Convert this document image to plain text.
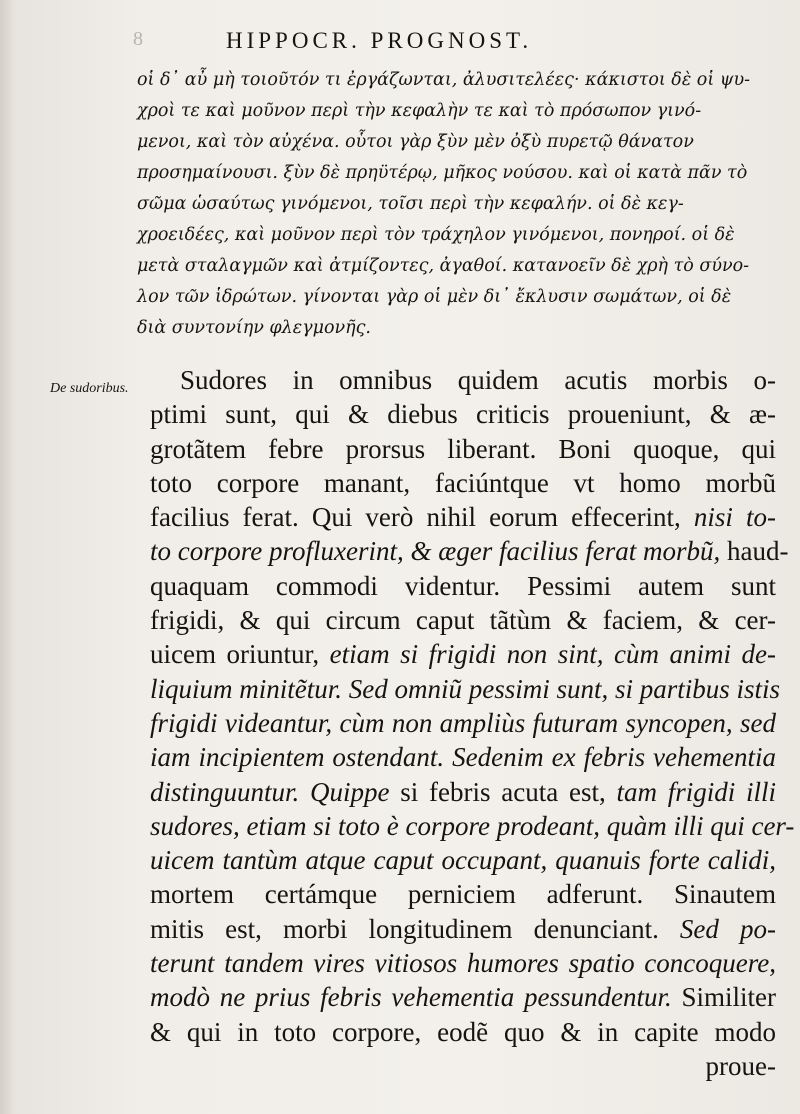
8	HIPPOCR. PROGNOST.
οἱ δ᾽ αὖ μὴ τοιοῦτόν τι ἐργάζωνται, ἀλυσιτελέες· κάκιστοι δὲ οἱ ψυ-
χροὶ τε καὶ μοῦνον περὶ τὴν κεφαλὴν τε καὶ τὸ πρόσωπον γινό-
μενοι, καὶ τὸν αὐχένα. οὗτοι γὰρ ξὺν μὲν ὀξὺ πυρετῷ θάνατον
προσημαίνουσι. ξὺν δὲ πρηϋτέρῳ, μῆκος νούσου. καὶ οἱ κατὰ πᾶν τὸ
σῶμα ὡσαύτως γινόμενοι, τοῖσι περὶ τὴν κεφαλήν. οἱ δὲ κεγ-
χροειδέες, καὶ μοῦνον περὶ τὸν τράχηλον γινόμενοι, πονηροί. οἱ δὲ
μετὰ σταλαγμῶν καὶ ἀτμίζοντες, ἀγαθοί. κατανοεῖν δὲ χρὴ τὸ σύνο-
λον τῶν ἱδρώτων. γίνονται γὰρ οἱ μὲν δι᾽ ἔκλυσιν σωμάτων, οἱ δὲ
διὰ συντονίην φλεγμονῆς.
De sudoribus.	Sudores in omnibus quidem acutis morbis o-
ptimi sunt, qui & diebus criticis proueniunt, & æ-
grotãtem febre prorsus liberant. Boni quoque, qui
toto corpore manant, faciúntque vt homo morbũ
facilius ferat. Qui verò nihil eorum effecerint, nisi to-
to corpore profluxerint, & æger facilius ferat morbũ, haud-
quaquam commodi videntur. Pessimi autem sunt
frigidi, & qui circum caput tãtùm & faciem, & cer-
uicem oriuntur, etiam si frigidi non sint, cùm animi de-
liquium minitẽtur. Sed omniũ pessimi sunt, si partibus istis
frigidi videantur, cùm non ampliùs futuram syncopen, sed
iam incipientem ostendant. Sedenim ex febris vehementia
distinguuntur. Quippe si febris acuta est, tam frigidi illi
sudores, etiam si toto è corpore prodeant, quàm illi qui cer-
uicem tantùm atque caput occupant, quanuis forte calidi,
mortem certámque perniciem adferunt. Sinautem
mitis est, morbi longitudinem denunciant. Sed po-
terunt tandem vires vitiosos humores spatio concoquere,
modò ne prius febris vehementia pessundentur. Similiter
& qui in toto corpore, eodẽ quo & in capite modo
proue-
